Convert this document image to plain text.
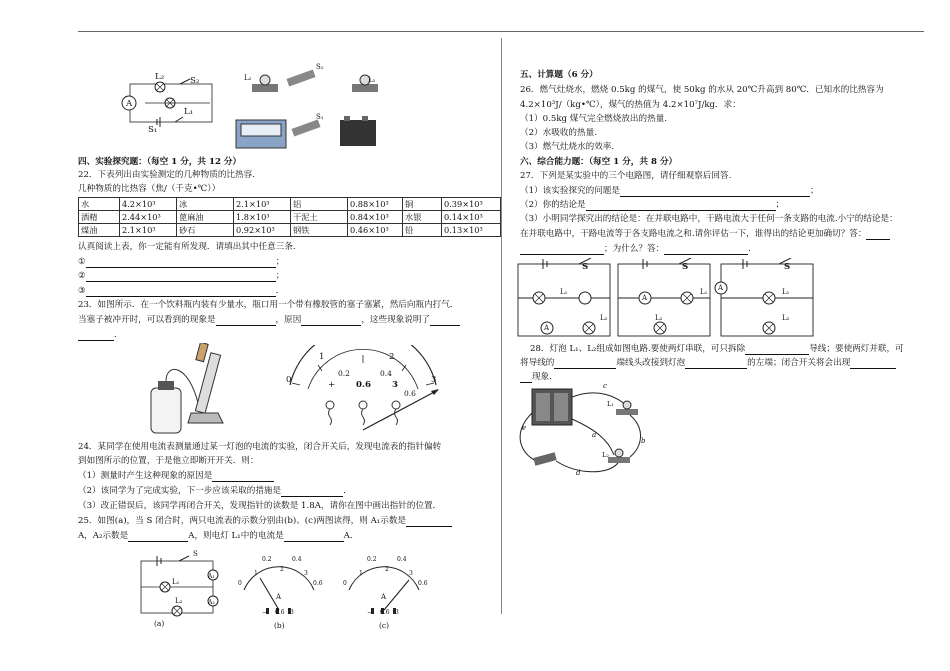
A
L₂	S₂
L₁
S₁
L₂
S₂
L₁
S₁
四、实验探究题：（每空 1 分，共 12 分）
22．下表列出由实验测定的几种物质的比热容.
几种物质的比热容（焦/（千克•℃））
水	4.2×10³	冰	2.1×10³	铝	0.88×10³	铜	0.39×10³
酒精	2.44×10³	蓖麻油	1.8×10³	干泥土	0.84×10³	水银	0.14×10³
煤油	2.1×10³	砂石	0.92×10³	钢铁	0.46×10³	铅	0.13×10³
认真阅读上表，你一定能有所发现．请填出其中任意三条.
①	；
②	；
③	．
23．如图所示．在一个饮料瓶内装有少量水，瓶口用一个带有橡胶管的塞子塞紧，然后向瓶内打气．
当塞子被冲开时，可以看到的现象是	，原因	，这些现象说明了
．
0
1	2
3
0.2	0.4
0.6
+ 0.6 3
24．某同学在使用电流表测量通过某一灯泡的电流的实验，闭合开关后，发现电流表的指针偏转
到如图所示的位置，于是他立即断开开关．则：
（1）测量时产生这种现象的原因是
（2）该同学为了完成实验，下一步应该采取的措施是	．
（3）改正错误后，该同学再闭合开关，发现指针的读数是 1.8A，请你在图中画出指针的位置．
25．如图(a)，当 S 闭合时，两只电流表的示数分别由(b)、(c)两图读得，则 A₁示数是
A，A₂示数是	A，则电灯 L₁中的电流是	A．
L₁
L₂
A₁
A₂
S
(a)
0.2	0.4
0	0.6
1
2
3
A
− 0.6 3
(b)
0.2	0.4
0	0.6
1
2
3
A
− 0.6 3
(c)
五、计算题（6 分）
26．燃气灶烧水，燃烧 0.5kg 的煤气，使 50kg 的水从 20℃升高到 80℃．已知水的比热容为
4.2×10³J/（kg•℃），煤气的热值为 4.2×10⁷J/kg．求：
（1）0.5kg 煤气完全燃烧放出的热量.
（2）水吸收的热量.
（3）燃气灶烧水的效率.
六、综合能力题：（每空 1 分，共 8 分）
27．下列是某实验中的三个电路图，请仔细观察后回答.
（1）该实验探究的问题是	；
（2）你的结论是	；
（3）小明同学探究出的结论是：在并联电路中，干路电流大于任何一条支路的电流.小宁的结论是：
在并联电路中，干路电流等于各支路电流之和.请你评估一下，谁得出的结论更加确切？答：
；为什么？答：	．
S	S	S
A
A
A
L₁
L₂
L₁
L₂
L₁
L₂
28．灯泡 L₁、L₂组成如图电路.要使两灯串联，可只拆除	导线；要使两灯并联，可
将导线的	端线头改接到灯泡	的左端；闭合开关将会出现
现象.
c
e
a
b
d
L₁
L₂
